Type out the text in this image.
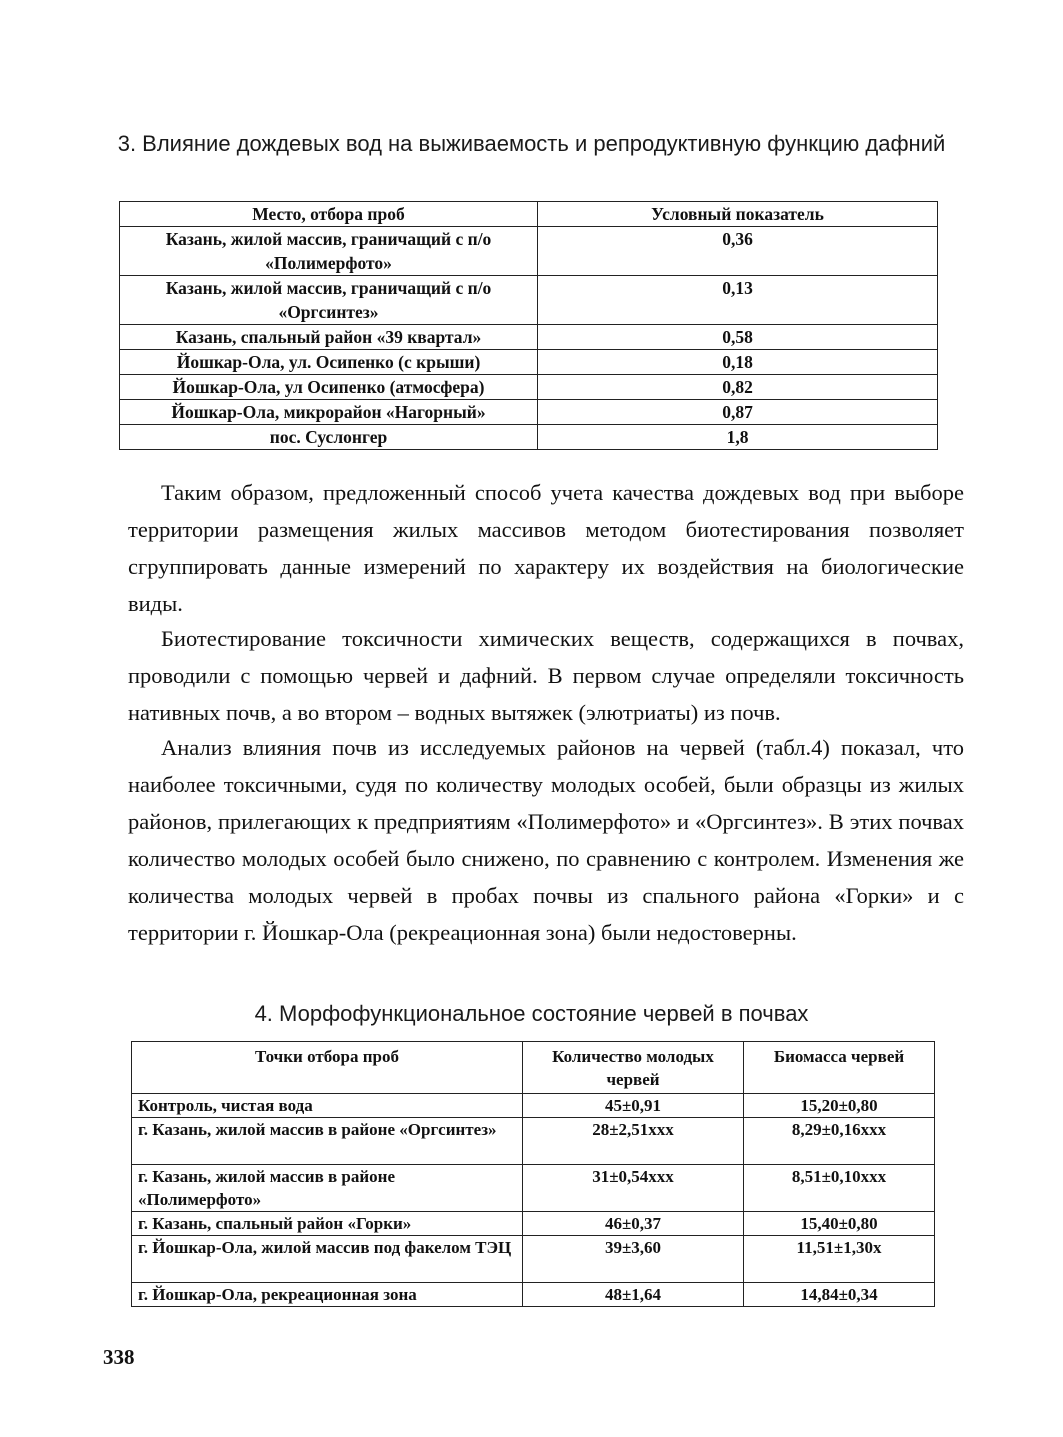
3. Влияние дождевых вод на выживаемость и репродуктивную функцию дафний
Место, отбора проб	Условный показатель
Казань, жилой массив, граничащий с п/о «Полимерфото»	0,36
Казань, жилой массив, граничащий с п/о «Оргсинтез»	0,13
Казань, спальный район «39 квартал»	0,58
Йошкар-Ола, ул. Осипенко (с крыши)	0,18
Йошкар-Ола, ул Осипенко (атмосфера)	0,82
Йошкар-Ола, микрорайон «Нагорный»	0,87
пос. Суслонгер	1,8

Таким образом, предложенный способ учета качества дождевых вод при выборе территории размещения жилых массивов методом биотестирования позволяет сгруппировать данные измерений по характеру их воздействия на биологические виды.

Биотестирование токсичности химических веществ, содержащихся в почвах, проводили с помощью червей и дафний. В первом случае определяли токсичность нативных почв, а во втором – водных вытяжек (элютриаты) из почв.

Анализ влияния почв из исследуемых районов на червей (табл.4) показал, что наиболее токсичными, судя по количеству молодых особей, были образцы из жилых районов, прилегающих к предприятиям «Полимерфото» и «Оргсинтез». В этих почвах количество молодых особей было снижено, по сравнению с контролем. Изменения же количества молодых червей в пробах почвы из спального района «Горки» и с территории г. Йошкар-Ола (рекреационная зона) были недостоверны.

4. Морфофункциональное состояние червей в почвах
Точки отбора проб	Количество молодых червей	Биомасса червей
Контроль, чистая вода	45±0,91	15,20±0,80
г. Казань, жилой массив в районе «Оргсинтез»	28±2,51ххх	8,29±0,16ххх
г. Казань, жилой массив в районе «Полимерфото»	31±0,54ххх	8,51±0,10ххх
г. Казань, спальный район «Горки»	46±0,37	15,40±0,80
г. Йошкар-Ола, жилой массив под факелом ТЭЦ	39±3,60	11,51±1,30х
г. Йошкар-Ола, рекреационная зона	48±1,64	14,84±0,34
338
